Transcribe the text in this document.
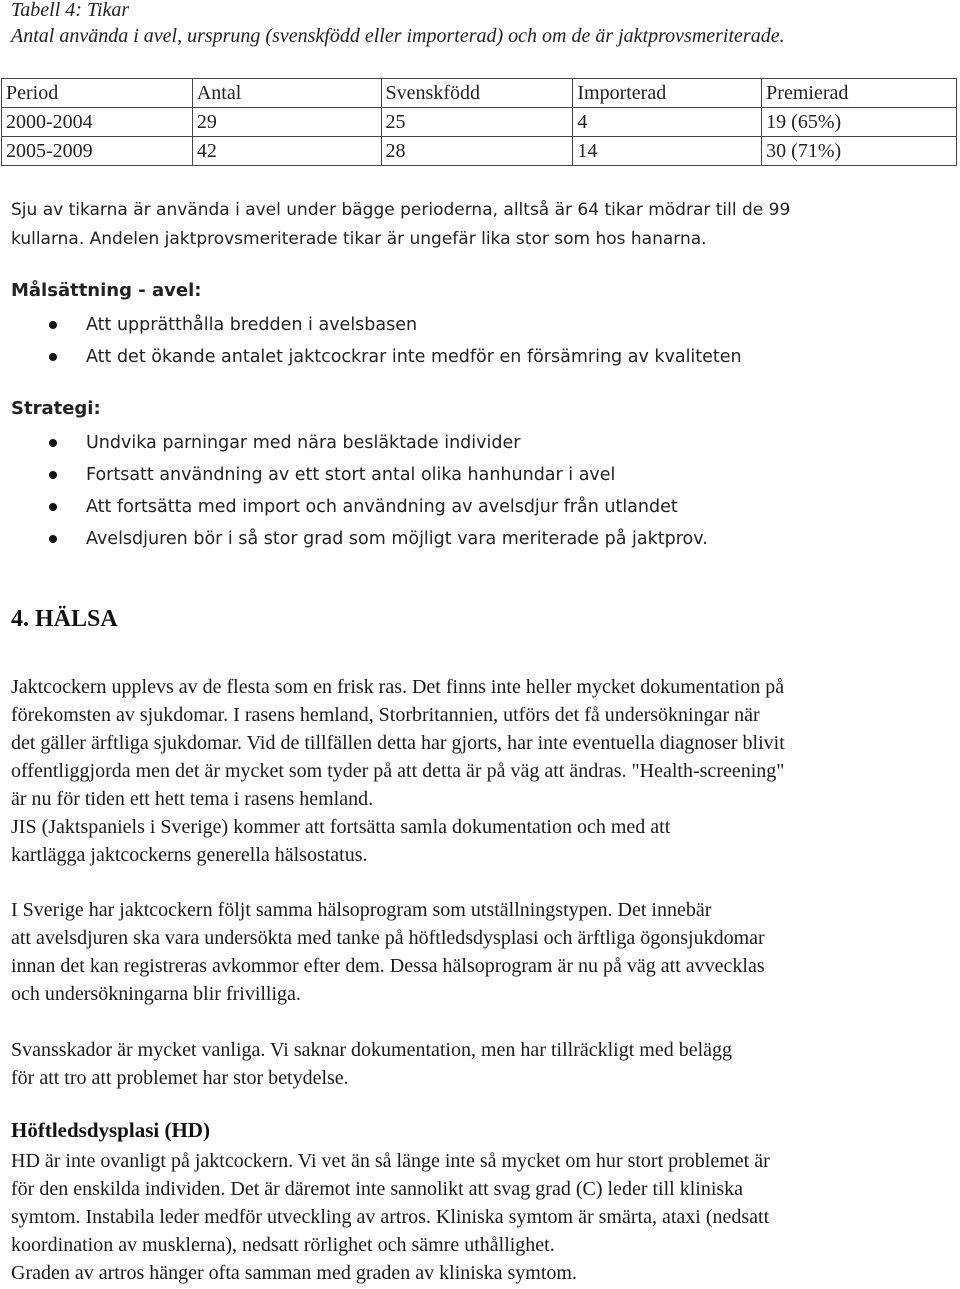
Tabell 4: Tikar
Antal använda i avel, ursprung (svenskfödd eller importerad) och om de är jaktprovsmeriterade.
Period	Antal	Svenskfödd	Importerad	Premierad
2000-2004	29	25	4	19 (65%)
2005-2009	42	28	14	30 (71%)
Sju av tikarna är använda i avel under bägge perioderna, alltså är 64 tikar mödrar till de 99
kullarna. Andelen jaktprovsmeriterade tikar är ungefär lika stor som hos hanarna.
Målsättning - avel:
Att upprätthålla bredden i avelsbasen
Att det ökande antalet jaktcockrar inte medför en försämring av kvaliteten
Strategi:
Undvika parningar med nära besläktade individer
Fortsatt användning av ett stort antal olika hanhundar i avel
Att fortsätta med import och användning av avelsdjur från utlandet
Avelsdjuren bör i så stor grad som möjligt vara meriterade på jaktprov.
4. HÄLSA

Jaktcockern upplevs av de flesta som en frisk ras. Det finns inte heller mycket dokumentation på

förekomsten av sjukdomar. I rasens hemland, Storbritannien, utförs det få undersökningar när

det gäller ärftliga sjukdomar. Vid de tillfällen detta har gjorts, har inte eventuella diagnoser blivit

offentliggjorda men det är mycket som tyder på att detta är på väg att ändras. "Health-screening"

är nu för tiden ett hett tema i rasens hemland.

JIS (Jaktspaniels i Sverige) kommer att fortsätta samla dokumentation och med att

kartlägga jaktcockerns generella hälsostatus.

I Sverige har jaktcockern följt samma hälsoprogram som utställningstypen. Det innebär

att avelsdjuren ska vara undersökta med tanke på höftledsdysplasi och ärftliga ögonsjukdomar

innan det kan registreras avkommor efter dem. Dessa hälsoprogram är nu på väg att avvecklas

och undersökningarna blir frivilliga.

Svansskador är mycket vanliga. Vi saknar dokumentation, men har tillräckligt med belägg

för att tro att problemet har stor betydelse.

Höftledsdysplasi (HD)

HD är inte ovanligt på jaktcockern. Vi vet än så länge inte så mycket om hur stort problemet är

för den enskilda individen. Det är däremot inte sannolikt att svag grad (C) leder till kliniska

symtom. Instabila leder medför utveckling av artros. Kliniska symtom är smärta, ataxi (nedsatt

koordination av musklerna), nedsatt rörlighet och sämre uthållighet.

Graden av artros hänger ofta samman med graden av kliniska symtom.
